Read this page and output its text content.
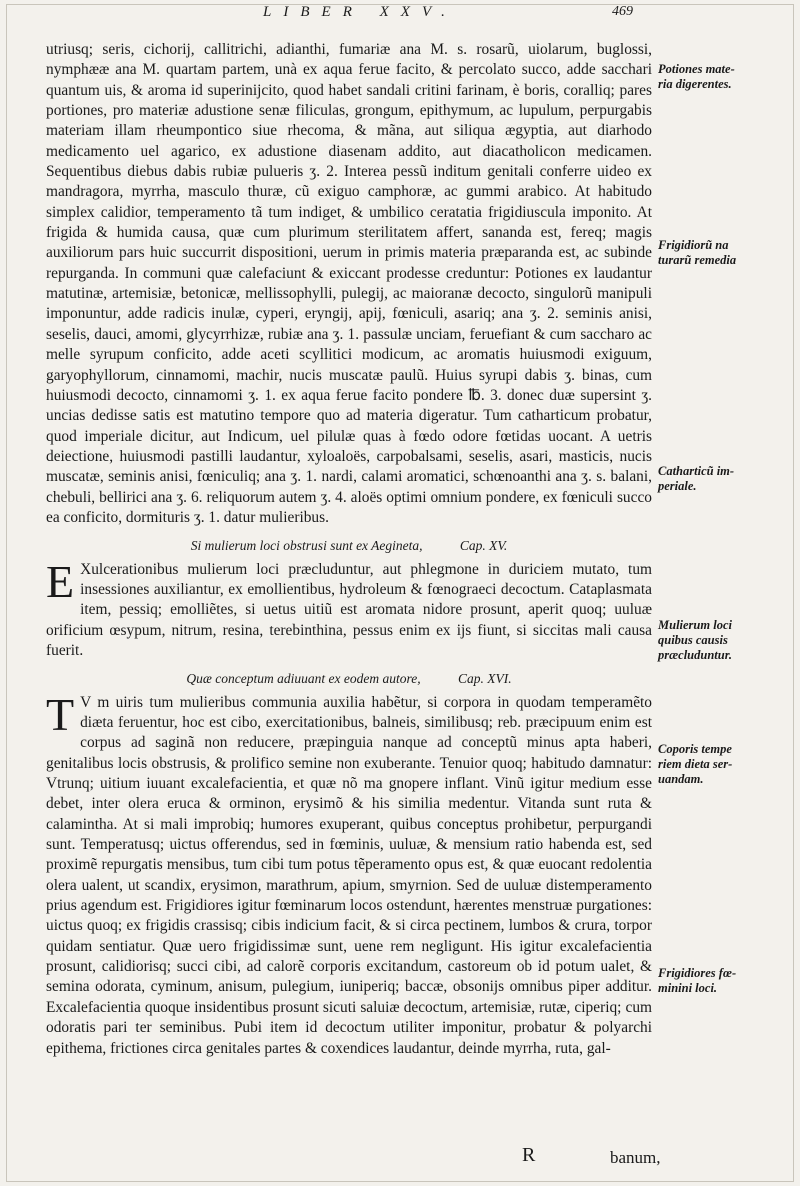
LIBER XXV.	469

utriusq; seris, cichorij, callitrichi, adianthi, fumariæ ana M. s. rosarũ, uiolarum, buglossi, nymphææ ana M. quartam partem, unà ex aqua ferue facito, & percolato succo, adde sacchari quantum uis, & aroma id superinijcito, quod habet sandali critini farinam, è boris, coralliq; pares portiones, pro materiæ adustione senæ filiculas, grongum, epithymum, ac lupulum, perpurgabis materiam illam rheumpontico siue rhecoma, & mãna, aut siliqua ægyptia, aut diarhodo medicamento uel agarico, ex adustione diasenam addito, aut diacatholicon medicamen. Sequentibus diebus dabis rubiæ pulueris ʒ. 2. Interea pessũ inditum genitali conferre uideo ex mandragora, myrrha, masculo thuræ, cũ exiguo camphoræ, ac gummi arabico. At habitudo simplex calidior, temperamento tã tum indiget, & umbilico ceratatia frigidiuscula imponito. At frigida & humida causa, quæ cum plurimum sterilitatem affert, sananda est, fereq; magis auxiliorum pars huic succurrit dispositioni, uerum in primis materia præparanda est, ac subinde repurganda. In communi quæ calefaciunt & exiccant prodesse creduntur: Potiones ex laudantur matutinæ, artemisiæ, betonicæ, mellissophylli, pulegij, ac maioranæ decocto, singulorũ manipuli imponuntur, adde radicis inulæ, cyperi, eryngij, apij, fœniculi, asariq; ana ʒ. 2. seminis anisi, seselis, dauci, amomi, glycyrrhizæ, rubiæ ana ʒ. 1. passulæ unciam, feruefiant & cum saccharo ac melle syrupum conficito, adde aceti scyllitici modicum, ac aromatis huiusmodi exiguum, garyophyllorum, cinnamomi, machir, nucis muscatæ paulũ. Huius syrupi dabis ʒ. binas, cum huiusmodi decocto, cinnamomi ʒ. 1. ex aqua ferue facito pondere ℔. 3. donec duæ supersint ʒ. uncias dedisse satis est matutino tempore quo ad materia digeratur. Tum catharticum probatur, quod imperiale dicitur, aut Indicum, uel pilulæ quas à fœdo odore fœtidas uocant. A uetris deiectione, huiusmodi pastilli laudantur, xyloaloës, carpobalsami, seselis, asari, masticis, nucis muscatæ, seminis anisi, fœniculiq; ana ʒ. 1. nardi, calami aromatici, schœnoanthi ana ʒ. s. balani, chebuli, bellirici ana ʒ. 6. reliquorum autem ʒ. 4. aloës optimi omnium pondere, ex fœniculi succo ea conficito, dormituris ʒ. 1. datur mulieribus.

Si mulierum loci obstrusi sunt ex Aegineta,	Cap. XV.

E Xulcerationibus mulierum loci præcluduntur, aut phlegmone in duriciem mutato, tum insessiones auxiliantur, ex emollientibus, hydroleum & fœnograeci decoctum. Cataplasmata item, pessiq; emolliẽtes, si uetus uitiũ est aromata nidore prosunt, aperit quoq; uuluæ orificium œsypum, nitrum, resina, terebinthina, pessus enim ex ijs fiunt, si siccitas mali causa fuerit.

Quæ conceptum adiuuant ex eodem autore,	Cap. XVI.

T V m uiris tum mulieribus communia auxilia habẽtur, si corpora in quodam temperamẽto diæta feruentur, hoc est cibo, exercitationibus, balneis, similibusq; reb. præcipuum enim est corpus ad saginã non reducere, præpinguia nanque ad conceptũ minus apta haberi, genitalibus locis obstrusis, & prolifico semine non exuberante. Tenuior quoq; habitudo damnatur: Vtrunq; uitium iuuant excalefacientia, et quæ nõ ma gnopere inflant. Vinũ igitur medium esse debet, inter olera eruca & orminon, erysimõ & his similia medentur. Vitanda sunt ruta & calamintha. At si mali improbiq; humores exuperant, quibus conceptus prohibetur, perpurgandi sunt. Temperatusq; uictus offerendus, sed in fœminis, uuluæ, & mensium ratio habenda est, sed proximẽ repurgatis mensibus, tum cibi tum potus tẽperamento opus est, & quæ euocant redolentia olera ualent, ut scandix, erysimon, marathrum, apium, smyrnion. Sed de uuluæ distemperamento prius agendum est. Frigidiores igitur fœminarum locos ostendunt, hærentes menstruæ purgationes: uictus quoq; ex frigidis crassisq; cibis indicium facit, & si circa pectinem, lumbos & crura, torpor quidam sentiatur. Quæ uero frigidissimæ sunt, uene rem negligunt. His igitur excalefacientia prosunt, calidiorisq; succi cibi, ad calorẽ corporis excitandum, castoreum ob id potum ualet, & semina odorata, cyminum, anisum, pulegium, iuniperiq; baccæ, obsonijs omnibus piper additur. Excalefacientia quoque insidentibus prosunt sicuti saluiæ decoctum, artemisiæ, rutæ, ciperiq; cum odoratis pari ter seminibus. Pubi item id decoctum utiliter imponitur, probatur & polyarchi epithema, frictiones circa genitales partes & coxendices laudantur, deinde myrrha, ruta, gal-

Potiones mate-
ria digerentes.
Frigidiorũ na
turarũ remedia
Catharticũ im-
periale.
Mulierum loci
quibus causis
præcluduntur.
Coporis tempe
riem dieta ser-
uandam.
Frigidiores fœ-
minini loci.
R	banum,
